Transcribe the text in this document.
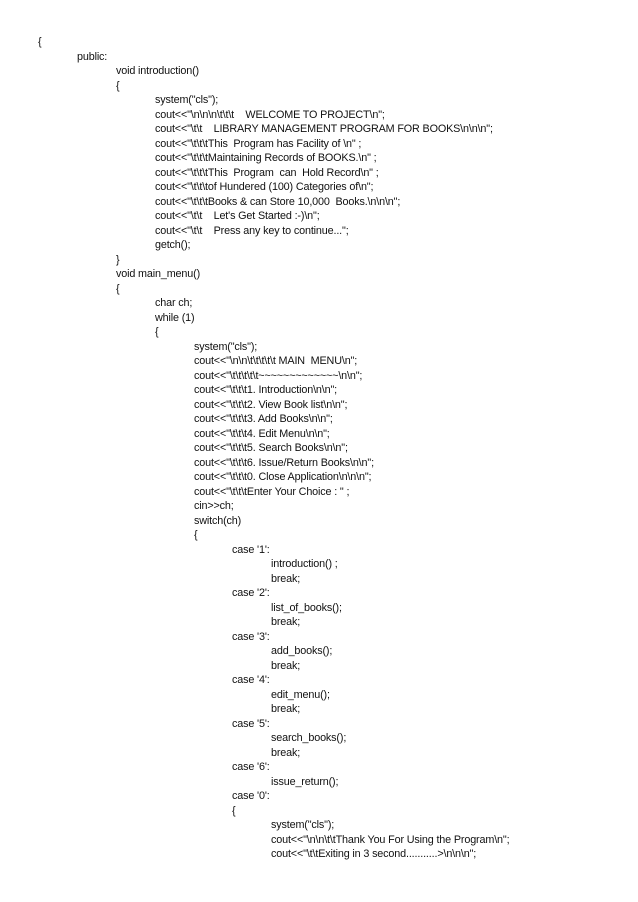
{
public:
void introduction()
{
system("cls");
cout<<"\n\n\n\t\t\t    WELCOME TO PROJECT\n";
cout<<"\t\t    LIBRARY MANAGEMENT PROGRAM FOR BOOKS\n\n\n";
cout<<"\t\t\tThis  Program has Facility of \n" ;
cout<<"\t\t\tMaintaining Records of BOOKS.\n" ;
cout<<"\t\t\tThis  Program  can  Hold Record\n" ;
cout<<"\t\t\tof Hundered (100) Categories of\n";
cout<<"\t\t\tBooks & can Store 10,000  Books.\n\n\n";
cout<<"\t\t    Let's Get Started :-)\n";
cout<<"\t\t    Press any key to continue...";
getch();
}
void main_menu()
{
char ch;
while (1)
{
system("cls");
cout<<"\n\n\t\t\t\t\t MAIN  MENU\n";
cout<<"\t\t\t\t\t~~~~~~~~~~~~~\n\n";
cout<<"\t\t\t1. Introduction\n\n";
cout<<"\t\t\t2. View Book list\n\n";
cout<<"\t\t\t3. Add Books\n\n";
cout<<"\t\t\t4. Edit Menu\n\n";
cout<<"\t\t\t5. Search Books\n\n";
cout<<"\t\t\t6. Issue/Return Books\n\n";
cout<<"\t\t\t0. Close Application\n\n\n";
cout<<"\t\t\tEnter Your Choice : " ;
cin>>ch;
switch(ch)
{
case '1':
introduction() ;
break;
case '2':
list_of_books();
break;
case '3':
add_books();
break;
case '4':
edit_menu();
break;
case '5':
search_books();
break;
case '6':
issue_return();
case '0':
{
system("cls");
cout<<"\n\n\t\tThank You For Using the Program\n";
cout<<"\t\tExiting in 3 second...........>\n\n\n";
